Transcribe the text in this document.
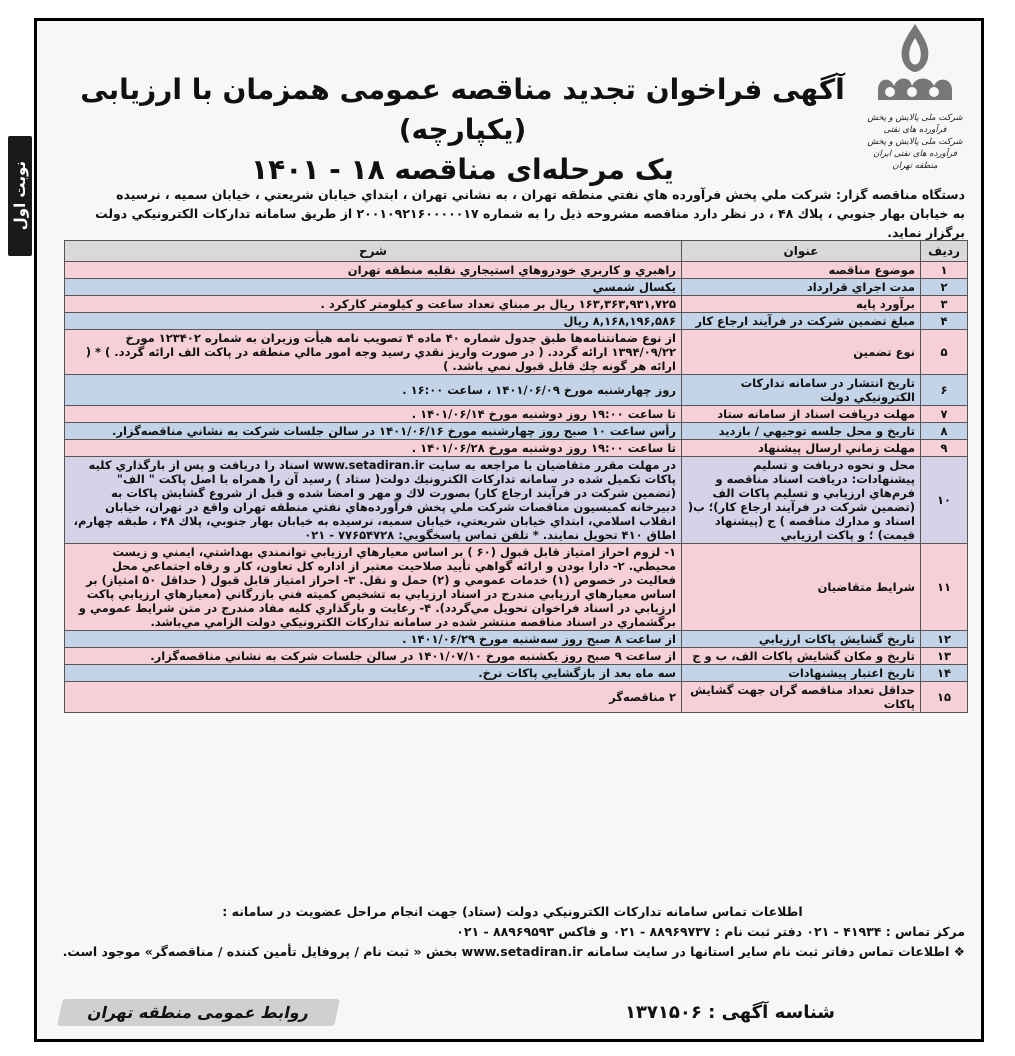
نوبت اول
شرکت ملی پالایش و پخش فرآورده های نفتی
شرکت ملی پالایش و پخش فرآورده های نفتی ایران
منطقه تهران
آگهی فراخوان تجدید مناقصه عمومی همزمان با ارزیابی (یکپارچه)
یک مرحله‌ای مناقصه ۱۸ - ۱۴۰۱
دستگاه مناقصه گزار: شرکت ملي پخش فرآورده هاي نفتي منطقه تهران ، به نشاني تهران ، ابتداي خيابان شريعتي ، خيابان سميه ، نرسيده
به خيابان بهار جنوبي ، پلاك ۴۸ ، در نظر دارد مناقصه مشروحه ذيل را به شماره ۲۰۰۱۰۹۲۱۶۰۰۰۰۰۱۷ از طريق سامانه تداركات الكترونيكي دولت برگزار نمايد.
رديف	عنوان	شرح
۱	موضوع مناقصه	راهبري و كاربري خودروهاي استيجاري نقليه منطقه تهران
۲	مدت اجراي قرارداد	يكسال شمسي
۳	برآورد پايه	۱۶۳,۳۶۳,۹۳۱,۷۲۵ ريال بر مبناي تعداد ساعت و كيلومتر كاركرد .
۴	مبلغ تضمين شركت در فرآيند ارجاع كار	۸,۱۶۸,۱۹۶,۵۸۶ ريال
۵	نوع تضمين	از نوع ضمانتنامه‌ها طبق جدول شماره ۴۰ ماده ۴ تصويب نامه هيأت وزيران به شماره ۱۲۳۴۰۲ مورخ ۱۳۹۴/۰۹/۲۲ ارائه گردد. ( در صورت واريز نقدي رسيد وجه امور مالي منطقه در پاكت الف ارائه گردد. ) * ( ارائه هر گونه چك قابل قبول نمي باشد. )
۶	تاريخ انتشار در سامانه تداركات الكترونيكي دولت	روز چهارشنبه مورخ ۱۴۰۱/۰۶/۰۹ ، ساعت ۱۶:۰۰ .
۷	مهلت دريافت اسناد از سامانه ستاد	تا ساعت ۱۹:۰۰ روز دوشنبه مورخ ۱۴۰۱/۰۶/۱۴ .
۸	تاريخ و محل جلسه توجيهي / بازديد	رأس ساعت ۱۰ صبح روز چهارشنبه مورخ ۱۴۰۱/۰۶/۱۶ در سالن جلسات شركت به نشاني مناقصه‌گزار.
۹	مهلت زماني ارسال پيشنهاد	تا ساعت ۱۹:۰۰ روز دوشنبه مورخ ۱۴۰۱/۰۶/۲۸ .
۱۰	محل و نحوه دريافت و تسليم پيشنهادات: دريافت اسناد مناقصه و فرم‌هاي ارزيابي و تسليم پاكات الف (تضمين شركت در فرآيند ارجاع كار)؛ ب( اسناد و مدارك مناقصه ) ج (پيشنهاد قيمت) ؛ و پاكت ارزيابي	در مهلت مقرر متقاضيان با مراجعه به سايت www.setadiran.ir اسناد را دريافت و پس از بارگذاري كليه پاكات تكميل شده در سامانه تداركات الكترونيك دولت( ستاد ) رسيد آن را همراه با اصل پاكت " الف" (تضمين شركت در فرآيند ارجاع كار) بصورت لاك و مهر و امضا شده و قبل از شروع گشايش پاكات به دبيرخانه كميسيون مناقصات شركت ملي پخش فرآورده‌هاي نفتي منطقه تهران واقع در تهران، خيابان انقلاب اسلامي، ابتداي خيابان شريعتي، خيابان سميه، نرسيده به خيابان بهار جنوبي، پلاك ۴۸ ، طبقه چهارم، اطاق ۴۱۰ تحويل نمايند. * تلفن تماس پاسخگويي: ۷۷۶۵۴۷۲۸ - ۰۲۱
۱۱	شرايط متقاضيان	۱- لزوم احراز امتياز قابل قبول (۶۰ ) بر اساس معيارهاي ارزيابي توانمندي بهداشتي، ايمني و زيست محيطي. ۲- دارا بودن و ارائه گواهي تأييد صلاحيت معتبر از اداره كل تعاون، كار و رفاه اجتماعي محل فعاليت در خصوص (۱) خدمات عمومي و (۲) حمل و نقل. ۳- احراز امتياز قابل قبول ( حداقل ۵۰ امتياز) بر اساس معيارهاي ارزيابي مندرج در اسناد ارزيابي به تشخيص كميته فني بازرگاني (معيارهاي ارزيابي پاكت ارزيابي در اسناد فراخوان تحويل مي‌گردد). ۴- رعايت و بارگذاري كليه مفاد مندرج در متن شرايط عمومي و برگشماري در اسناد مناقصه منتشر شده در سامانه تداركات الكترونيكي دولت الزامي مي‌باشد.
۱۲	تاريخ گشايش پاكات ارزيابي	از ساعت ۸ صبح روز سه‌شنبه مورخ ۱۴۰۱/۰۶/۲۹ .
۱۳	تاريخ و مكان گشايش پاكات الف، ب و ج	از ساعت ۹ صبح روز يكشنبه مورخ ۱۴۰۱/۰۷/۱۰ در سالن جلسات شركت به نشاني مناقصه‌گزار.
۱۴	تاريخ اعتبار پيشنهادات	سه ماه بعد از بازگشايي پاكات نرخ.
۱۵	حداقل تعداد مناقصه گران جهت گشايش پاكات	۲ مناقصه‌گر
اطلاعات تماس سامانه تداركات الكترونيكي دولت (ستاد) جهت انجام مراحل عضويت در سامانه :
مركز تماس : ۴۱۹۳۴ - ۰۲۱ دفتر ثبت نام : ۸۸۹۶۹۷۳۷ - ۰۲۱ و فاكس ۸۸۹۶۹۵۹۳ - ۰۲۱
❖ اطلاعات تماس دفاتر ثبت نام ساير استانها در سايت سامانه www.setadiran.ir بخش « ثبت نام / پروفايل تأمين كننده / مناقصه‌گر» موجود است.
شناسه آگهی : ۱۳۷۱۵۰۶
روابط عمومی منطقه تهران
